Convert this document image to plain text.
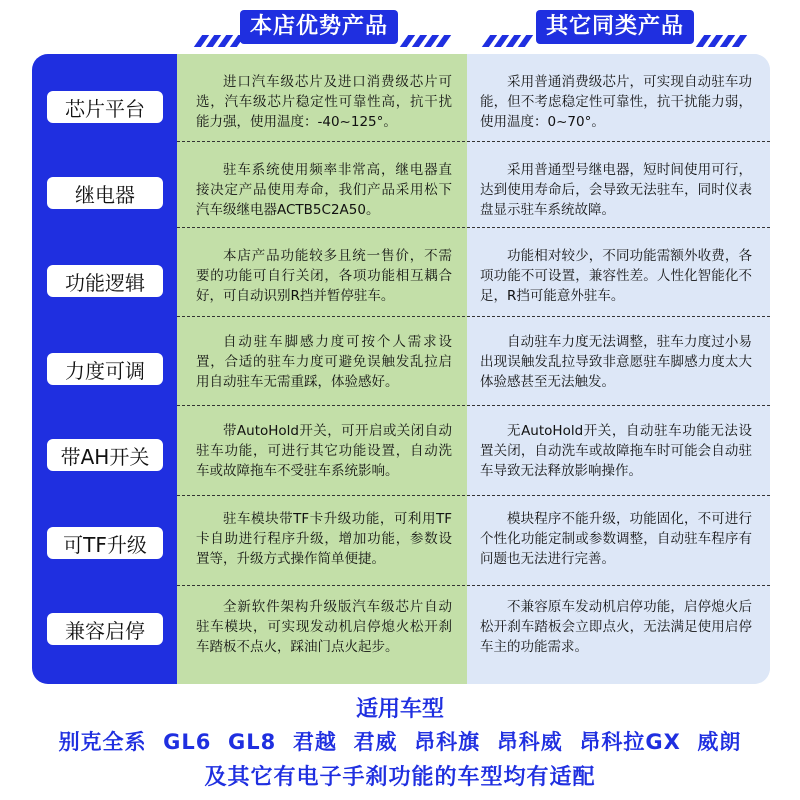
本店优势产品	其它同类产品
芯片平台
继电器
功能逻辑
力度可调
带AH开关
可TF升级
兼容启停
进口汽车级芯片及进口消费级芯片可选，汽车级芯片稳定性可靠性高，抗干扰能力强，使用温度：-40~125°。
驻车系统使用频率非常高，继电器直接决定产品使用寿命，我们产品采用松下汽车级继电器ACTB5C2A50。
本店产品功能较多且统一售价，不需要的功能可自行关闭，各项功能相互耦合好，可自动识别R挡并暂停驻车。
自动驻车脚感力度可按个人需求设置，合适的驻车力度可避免误触发乱拉启用自动驻车无需重踩，体验感好。
带AutoHold开关，可开启或关闭自动驻车功能，可进行其它功能设置，自动洗车或故障拖车不受驻车系统影响。
驻车模块带TF卡升级功能，可利用TF卡自助进行程序升级，增加功能，参数设置等，升级方式操作简单便捷。
全新软件架构升级版汽车级芯片自动驻车模块，可实现发动机启停熄火松开刹车踏板不点火，踩油门点火起步。
采用普通消费级芯片，可实现自动驻车功能，但不考虑稳定性可靠性，抗干扰能力弱，使用温度：0~70°。
采用普通型号继电器，短时间使用可行，达到使用寿命后，会导致无法驻车，同时仪表盘显示驻车系统故障。
功能相对较少，不同功能需额外收费，各项功能不可设置，兼容性差。人性化智能化不足，R挡可能意外驻车。
自动驻车力度无法调整，驻车力度过小易出现误触发乱拉导致非意愿驻车脚感力度太大体验感甚至无法触发。
无AutoHold开关，自动驻车功能无法设置关闭，自动洗车或故障拖车时可能会自动驻车导致无法释放影响操作。
模块程序不能升级，功能固化，不可进行个性化功能定制或参数调整，自动驻车程序有问题也无法进行完善。
不兼容原车发动机启停功能，启停熄火后松开刹车踏板会立即点火，无法满足使用启停车主的功能需求。
适用车型
别克全系  GL6  GL8  君越  君威  昂科旗  昂科威  昂科拉GX  威朗
及其它有电子手刹功能的车型均有适配
